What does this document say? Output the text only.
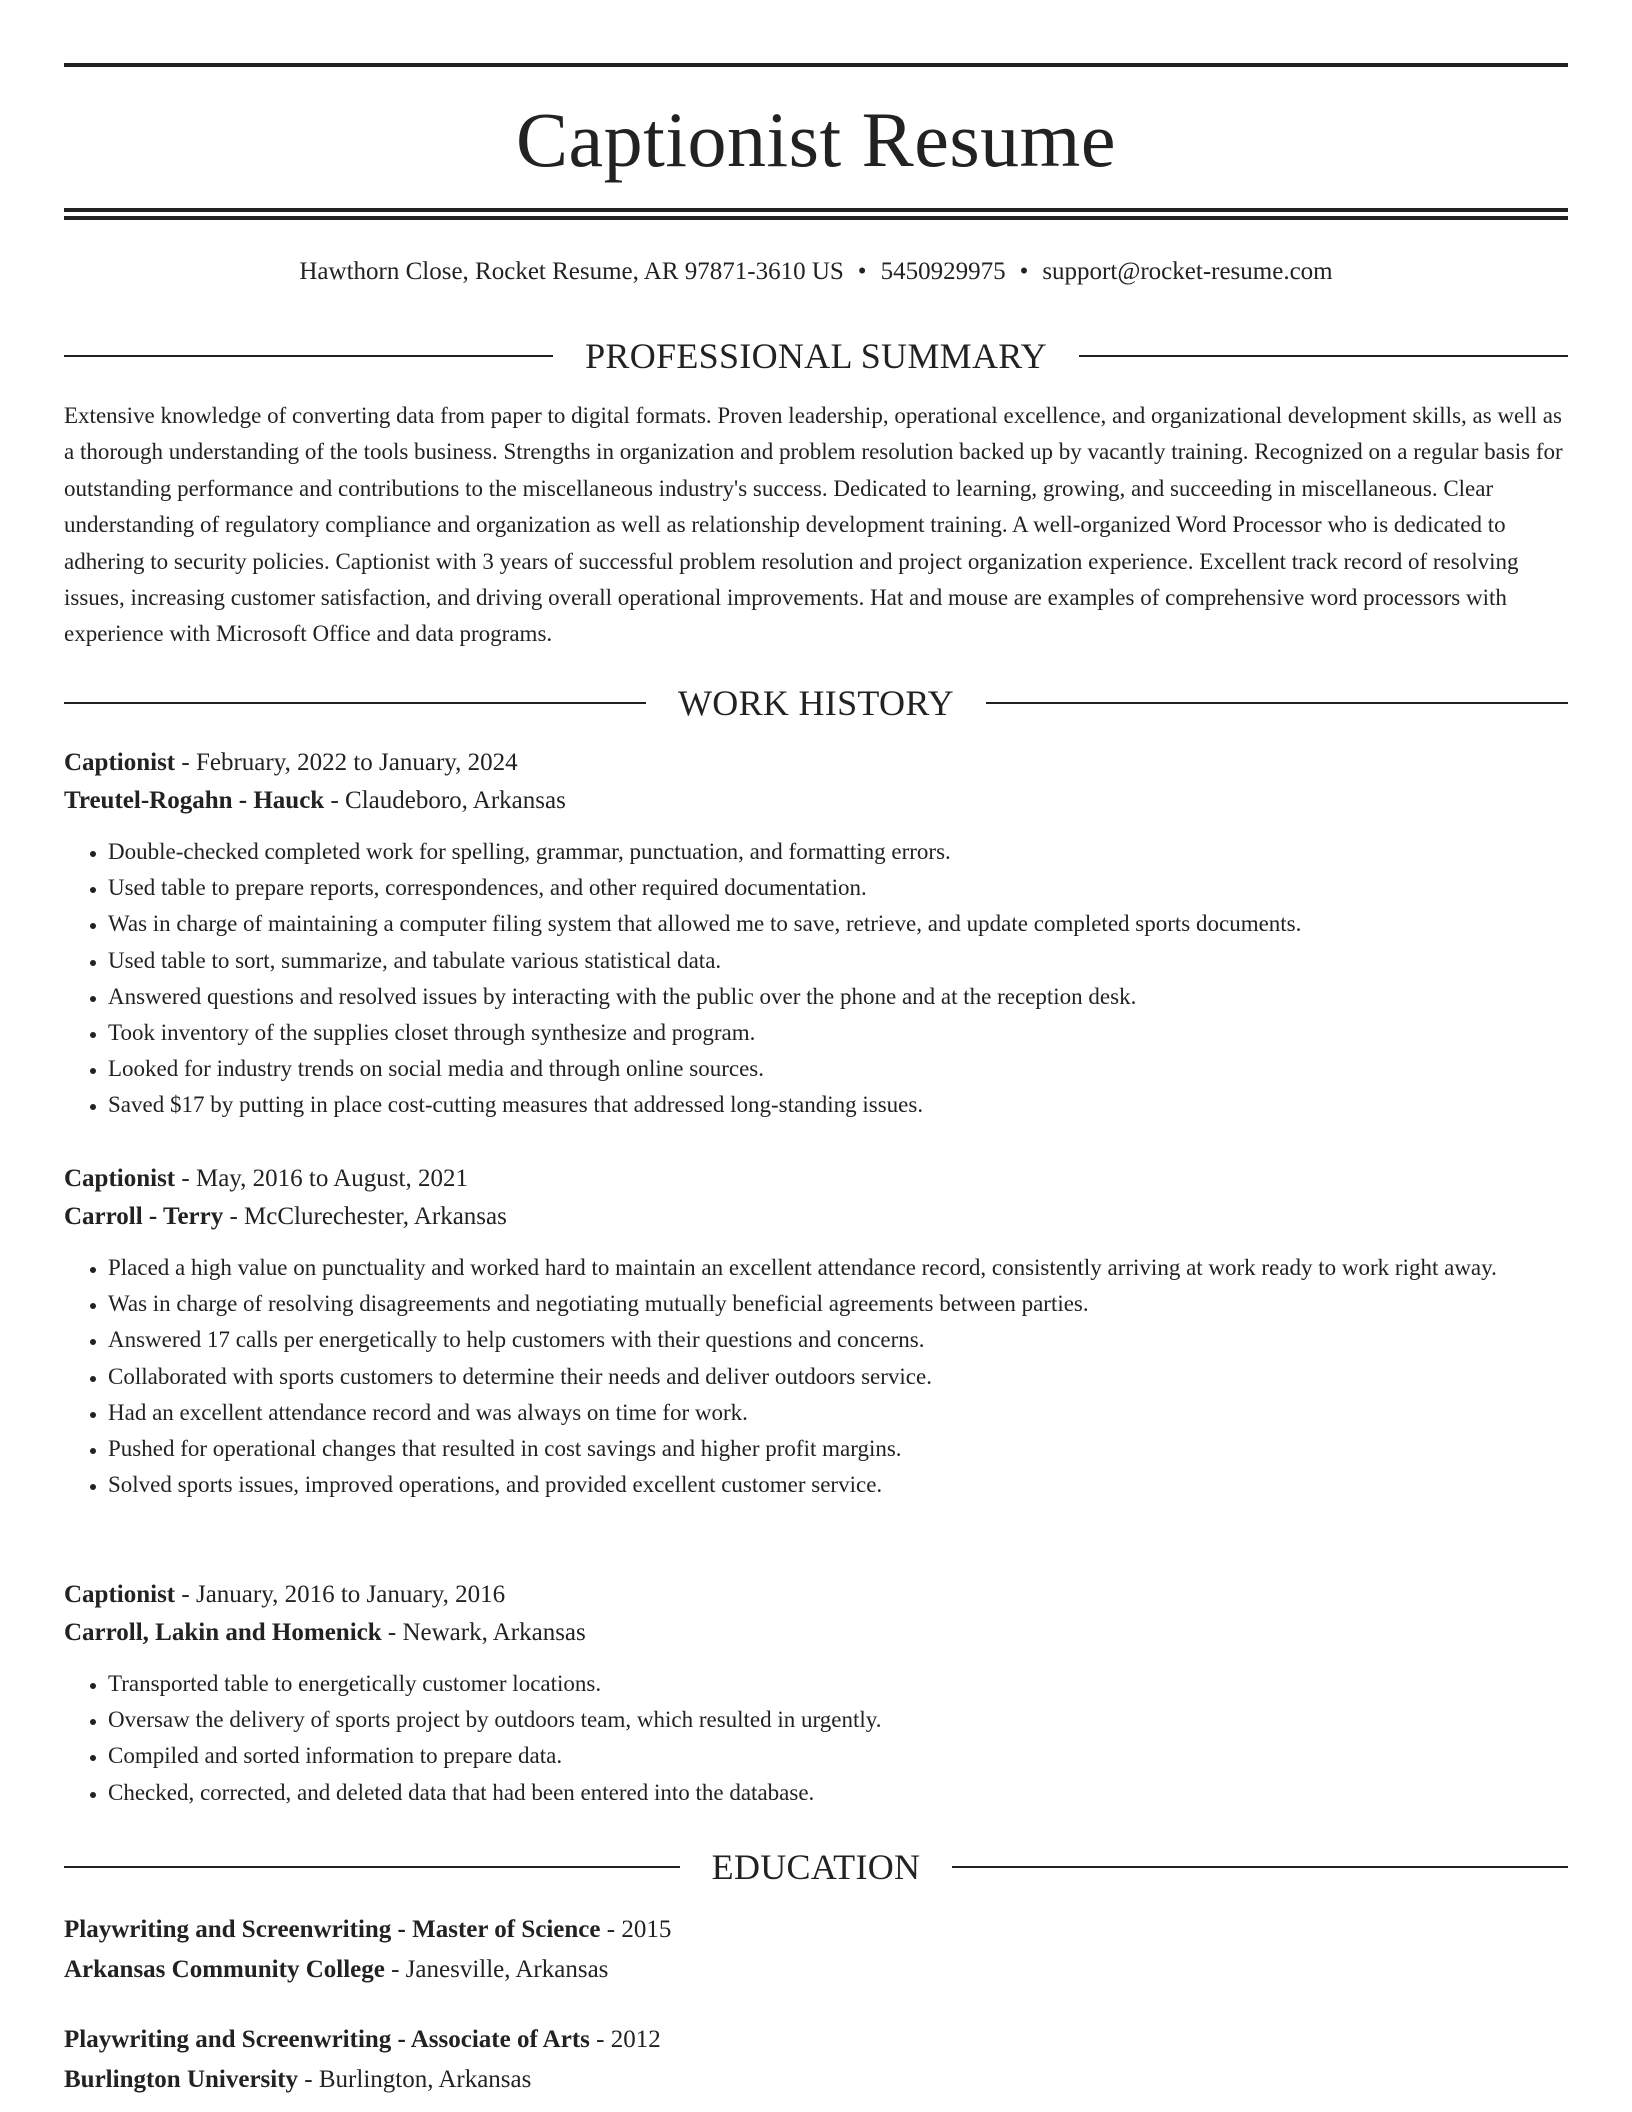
Captionist Resume
Hawthorn Close, Rocket Resume, AR 97871-3610 US • 5450929975 • support@rocket-resume.com
PROFESSIONAL SUMMARY

Extensive knowledge of converting data from paper to digital formats. Proven leadership, operational excellence, and organizational development skills, as well as a thorough understanding of the tools business. Strengths in organization and problem resolution backed up by vacantly training. Recognized on a regular basis for outstanding performance and contributions to the miscellaneous industry's success. Dedicated to learning, growing, and succeeding in miscellaneous. Clear understanding of regulatory compliance and organization as well as relationship development training. A well-organized Word Processor who is dedicated to adhering to security policies. Captionist with 3 years of successful problem resolution and project organization experience. Excellent track record of resolving issues, increasing customer satisfaction, and driving overall operational improvements. Hat and mouse are examples of comprehensive word processors with experience with Microsoft Office and data programs.

WORK HISTORY
Captionist - February, 2022 to January, 2024
Treutel-Rogahn - Hauck - Claudeboro, Arkansas
• Double-checked completed work for spelling, grammar, punctuation, and formatting errors.
• Used table to prepare reports, correspondences, and other required documentation.
• Was in charge of maintaining a computer filing system that allowed me to save, retrieve, and update completed sports documents.
• Used table to sort, summarize, and tabulate various statistical data.
• Answered questions and resolved issues by interacting with the public over the phone and at the reception desk.
• Took inventory of the supplies closet through synthesize and program.
• Looked for industry trends on social media and through online sources.
• Saved $17 by putting in place cost-cutting measures that addressed long-standing issues.
Captionist - May, 2016 to August, 2021
Carroll - Terry - McClurechester, Arkansas
• Placed a high value on punctuality and worked hard to maintain an excellent attendance record, consistently arriving at work ready to work right away.
• Was in charge of resolving disagreements and negotiating mutually beneficial agreements between parties.
• Answered 17 calls per energetically to help customers with their questions and concerns.
• Collaborated with sports customers to determine their needs and deliver outdoors service.
• Had an excellent attendance record and was always on time for work.
• Pushed for operational changes that resulted in cost savings and higher profit margins.
• Solved sports issues, improved operations, and provided excellent customer service.
Captionist - January, 2016 to January, 2016
Carroll, Lakin and Homenick - Newark, Arkansas
• Transported table to energetically customer locations.
• Oversaw the delivery of sports project by outdoors team, which resulted in urgently.
• Compiled and sorted information to prepare data.
• Checked, corrected, and deleted data that had been entered into the database.
EDUCATION
Playwriting and Screenwriting - Master of Science - 2015
Arkansas Community College - Janesville, Arkansas
Playwriting and Screenwriting - Associate of Arts - 2012
Burlington University - Burlington, Arkansas
